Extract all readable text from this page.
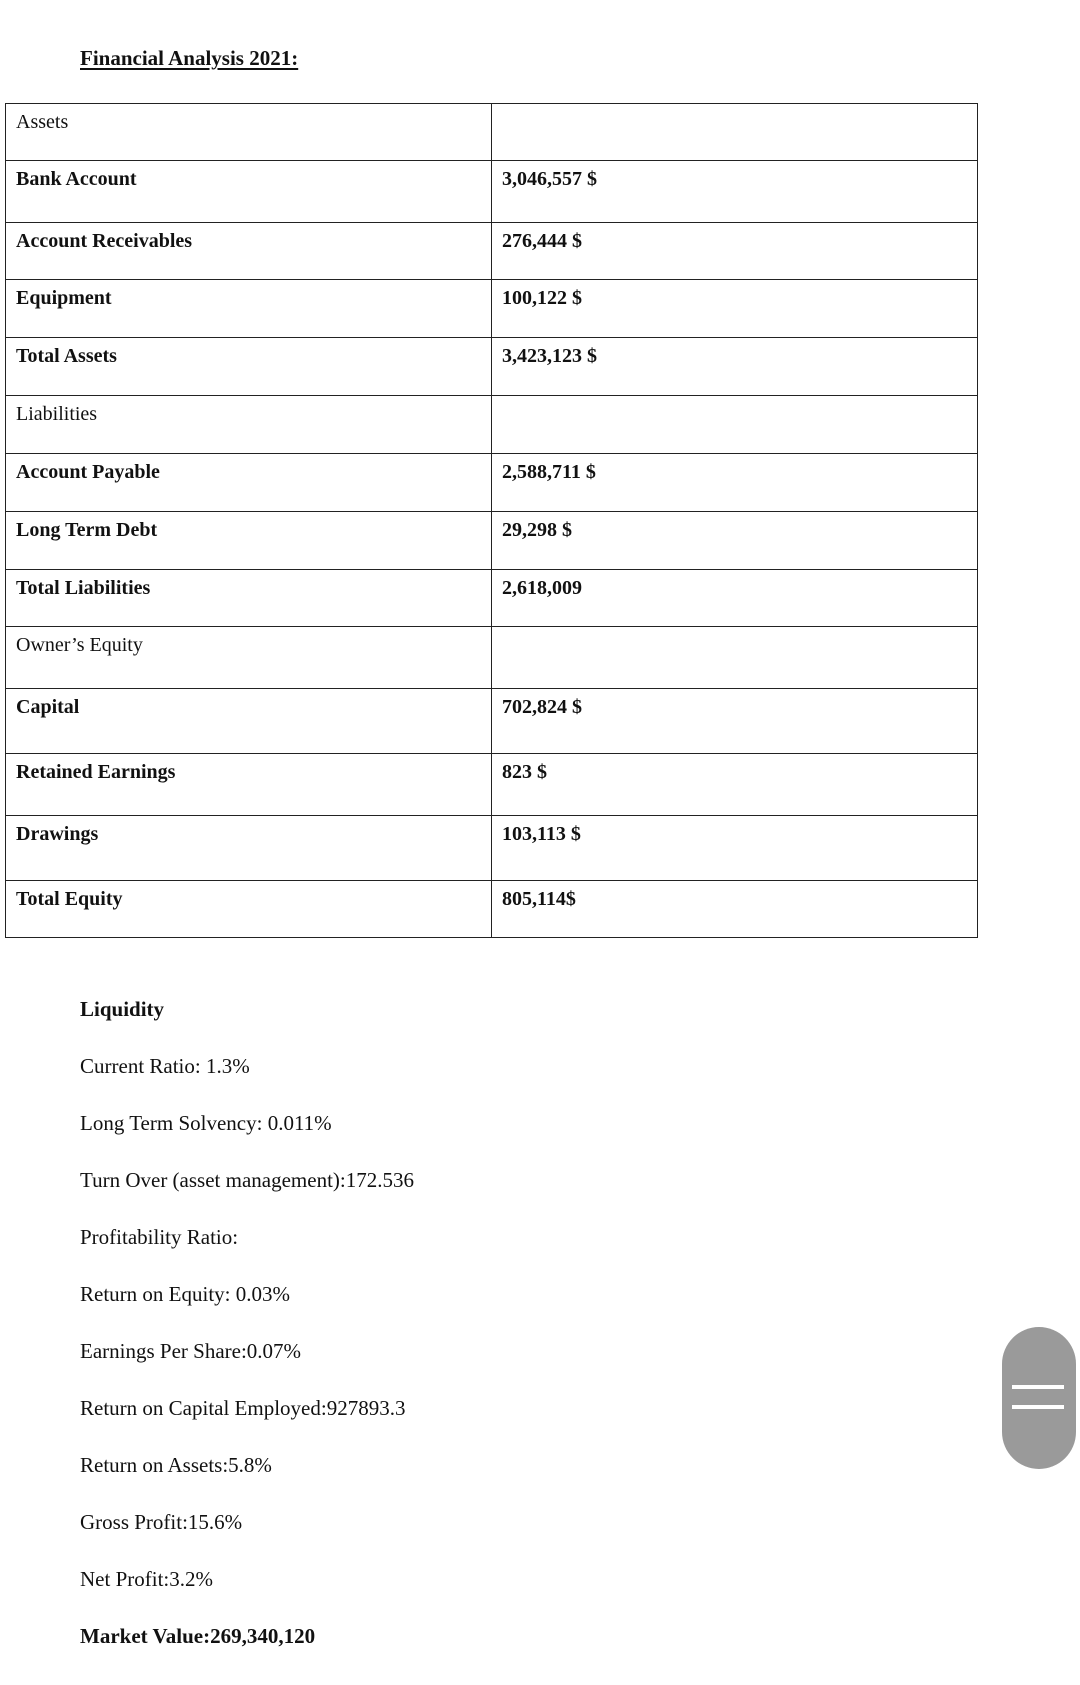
Financial Analysis 2021:
Assets	
Bank Account	3,046,557 $
Account Receivables	276,444 $
Equipment	100,122 $
Total Assets	3,423,123 $
Liabilities	
Account Payable	2,588,711 $
Long Term Debt	29,298 $
Total Liabilities	2,618,009
Owner’s Equity	
Capital	702,824 $
Retained Earnings	823 $
Drawings	103,113 $
Total Equity	805,114$
Liquidity
Current Ratio: 1.3%
Long Term Solvency: 0.011%
Turn Over (asset management):172.536
Profitability Ratio:
Return on Equity: 0.03%
Earnings Per Share:0.07%
Return on Capital Employed:927893.3
Return on Assets:5.8%
Gross Profit:15.6%
Net Profit:3.2%
Market Value:269,340,120
